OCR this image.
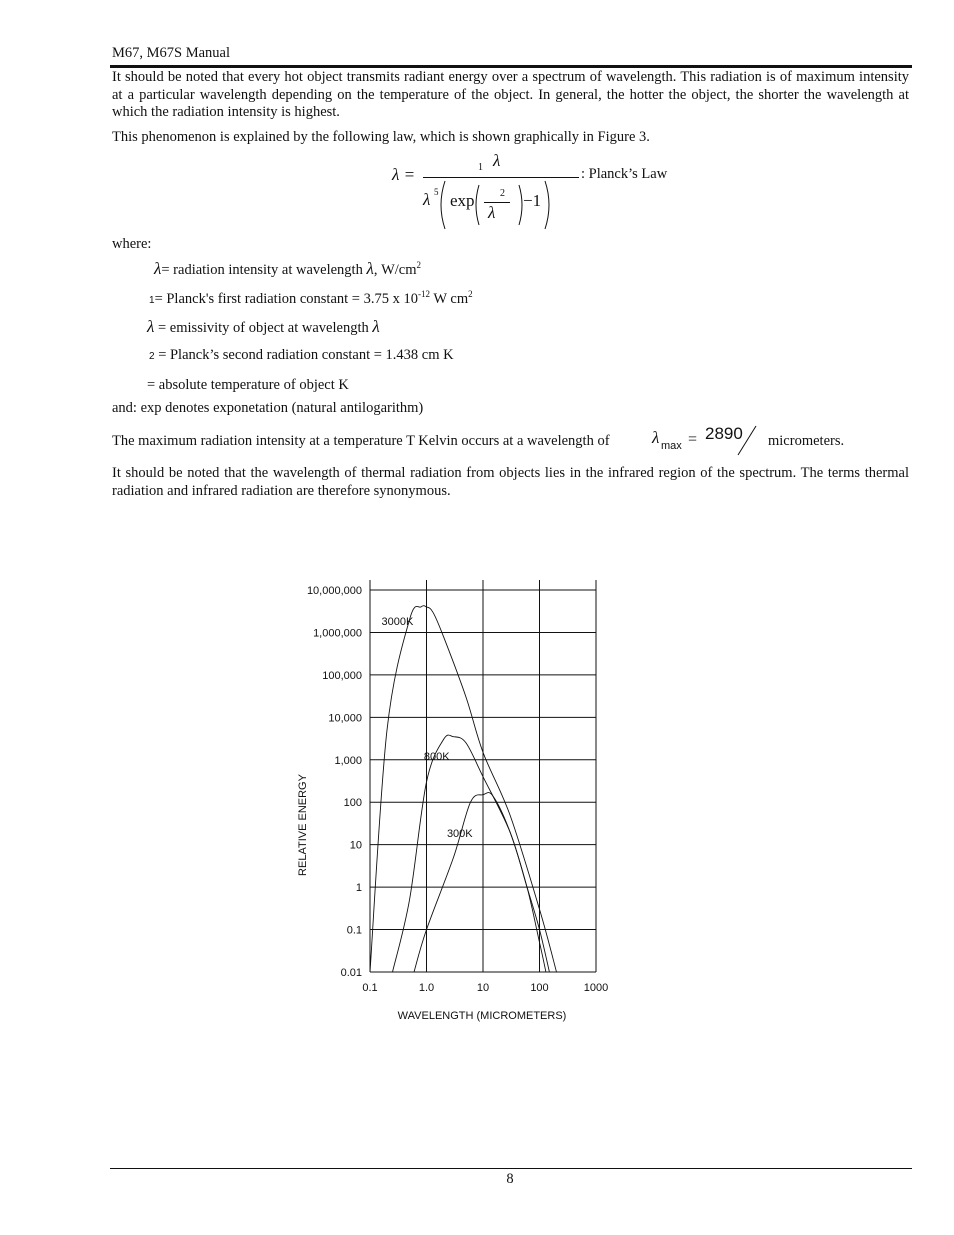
M67, M67S Manual
It should be noted that every hot object transmits radiant energy over a spectrum of wavelength. This radiation is of maximum intensity at a particular wavelength depending on the temperature of the object. In general, the hotter the object, the shorter the wavelength at which the radiation intensity is highest.
This phenomenon is explained by the following law, which is shown graphically in Figure 3.
λ =	1 λ
λ 5 exp	2
λ
−1
: Planck’s Law
where:
λ= radiation intensity at wavelength λ, $W/cm^2$
1= Planck's first radiation constant = 3.75 x $10^{-12}$ W $cm^2$
λ = emissivity of object at wavelength λ
2 = Planck’s second radiation constant = 1.438 cm K
= absolute temperature of object K
and: exp denotes exponetation (natural antilogarithm)
The maximum radiation intensity at a temperature T Kelvin occurs at a wavelength of λ max = 2890 micrometers.
It should be noted that the wavelength of thermal radiation from objects lies in the infrared region of the spectrum. The terms thermal radiation and infrared radiation are therefore synonymous.
0.01
0.1
1
10
100
1,000
10,000
100,000
1,000,000
10,000,000
0.1	1.0	10	100	1000
3000K
800K
300K
WAVELENGTH (MICROMETERS)
RELATIVE ENERGY
8
